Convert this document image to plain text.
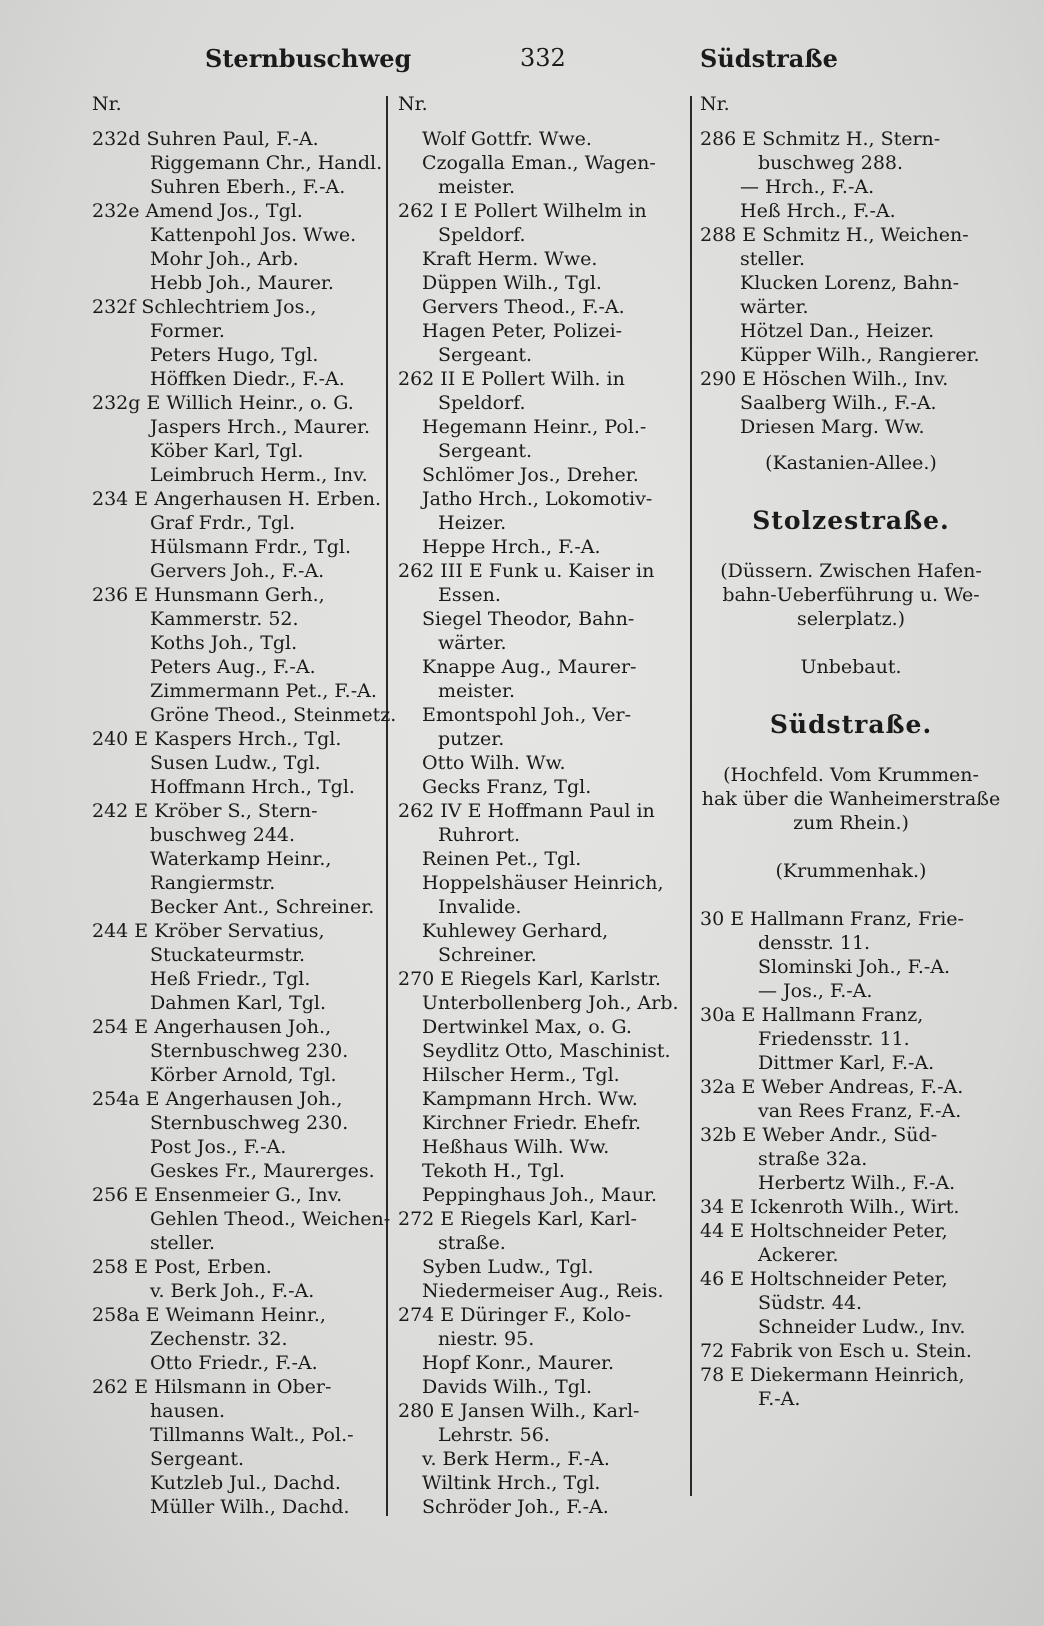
Sternbuschweg	332	Südstraße
Nr.
232d Suhren Paul, F.-A.
Riggemann Chr., Handl.
Suhren Eberh., F.-A.
232e Amend Jos., Tgl.
Kattenpohl Jos. Wwe.
Mohr Joh., Arb.
Hebb Joh., Maurer.
232f Schlechtriem Jos.,
Former.
Peters Hugo, Tgl.
Höffken Diedr., F.-A.
232g E Willich Heinr., o. G.
Jaspers Hrch., Maurer.
Köber Karl, Tgl.
Leimbruch Herm., Inv.
234 E Angerhausen H. Erben.
Graf Frdr., Tgl.
Hülsmann Frdr., Tgl.
Gervers Joh., F.-A.
236 E Hunsmann Gerh.,
Kammerstr. 52.
Koths Joh., Tgl.
Peters Aug., F.-A.
Zimmermann Pet., F.-A.
Gröne Theod., Steinmetz.
240 E Kaspers Hrch., Tgl.
Susen Ludw., Tgl.
Hoffmann Hrch., Tgl.
242 E Kröber S., Stern-
buschweg 244.
Waterkamp Heinr.,
Rangiermstr.
Becker Ant., Schreiner.
244 E Kröber Servatius,
Stuckateurmstr.
Heß Friedr., Tgl.
Dahmen Karl, Tgl.
254 E Angerhausen Joh.,
Sternbuschweg 230.
Körber Arnold, Tgl.
254a E Angerhausen Joh.,
Sternbuschweg 230.
Post Jos., F.-A.
Geskes Fr., Maurerges.
256 E Ensenmeier G., Inv.
Gehlen Theod., Weichen-
steller.
258 E Post, Erben.
v. Berk Joh., F.-A.
258a E Weimann Heinr.,
Zechenstr. 32.
Otto Friedr., F.-A.
262 E Hilsmann in Ober-
hausen.
Tillmanns Walt., Pol.-
Sergeant.
Kutzleb Jul., Dachd.
Müller Wilh., Dachd.
Nr.
Wolf Gottfr. Wwe.
Czogalla Eman., Wagen-
meister.
262 I E Pollert Wilhelm in
Speldorf.
Kraft Herm. Wwe.
Düppen Wilh., Tgl.
Gervers Theod., F.-A.
Hagen Peter, Polizei-
Sergeant.
262 II E Pollert Wilh. in
Speldorf.
Hegemann Heinr., Pol.-
Sergeant.
Schlömer Jos., Dreher.
Jatho Hrch., Lokomotiv-
Heizer.
Heppe Hrch., F.-A.
262 III E Funk u. Kaiser in
Essen.
Siegel Theodor, Bahn-
wärter.
Knappe Aug., Maurer-
meister.
Emontspohl Joh., Ver-
putzer.
Otto Wilh. Ww.
Gecks Franz, Tgl.
262 IV E Hoffmann Paul in
Ruhrort.
Reinen Pet., Tgl.
Hoppelshäuser Heinrich,
Invalide.
Kuhlewey Gerhard,
Schreiner.
270 E Riegels Karl, Karlstr.
Unterbollenberg Joh., Arb.
Dertwinkel Max, o. G.
Seydlitz Otto, Maschinist.
Hilscher Herm., Tgl.
Kampmann Hrch. Ww.
Kirchner Friedr. Ehefr.
Heßhaus Wilh. Ww.
Tekoth H., Tgl.
Peppinghaus Joh., Maur.
272 E Riegels Karl, Karl-
straße.
Syben Ludw., Tgl.
Niedermeiser Aug., Reis.
274 E Düringer F., Kolo-
niestr. 95.
Hopf Konr., Maurer.
Davids Wilh., Tgl.
280 E Jansen Wilh., Karl-
Lehrstr. 56.
v. Berk Herm., F.-A.
Wiltink Hrch., Tgl.
Schröder Joh., F.-A.
Nr.
286 E Schmitz H., Stern-
buschweg 288.
— Hrch., F.-A.
Heß Hrch., F.-A.
288 E Schmitz H., Weichen-
steller.
Klucken Lorenz, Bahn-
wärter.
Hötzel Dan., Heizer.
Küpper Wilh., Rangierer.
290 E Höschen Wilh., Inv.
Saalberg Wilh., F.-A.
Driesen Marg. Ww.
(Kastanien-Allee.)
Stolzestraße.
(Düssern. Zwischen Hafen-
bahn-Ueberführung u. We-
selerplatz.)
Unbebaut.
Südstraße.
(Hochfeld. Vom Krummen-
hak über die Wanheimerstraße
zum Rhein.)
(Krummenhak.)
30 E Hallmann Franz, Frie-
densstr. 11.
Slominski Joh., F.-A.
— Jos., F.-A.
30a E Hallmann Franz,
Friedensstr. 11.
Dittmer Karl, F.-A.
32a E Weber Andreas, F.-A.
van Rees Franz, F.-A.
32b E Weber Andr., Süd-
straße 32a.
Herbertz Wilh., F.-A.
34 E Ickenroth Wilh., Wirt.
44 E Holtschneider Peter,
Ackerer.
46 E Holtschneider Peter,
Südstr. 44.
Schneider Ludw., Inv.
72 Fabrik von Esch u. Stein.
78 E Diekermann Heinrich,
F.-A.
